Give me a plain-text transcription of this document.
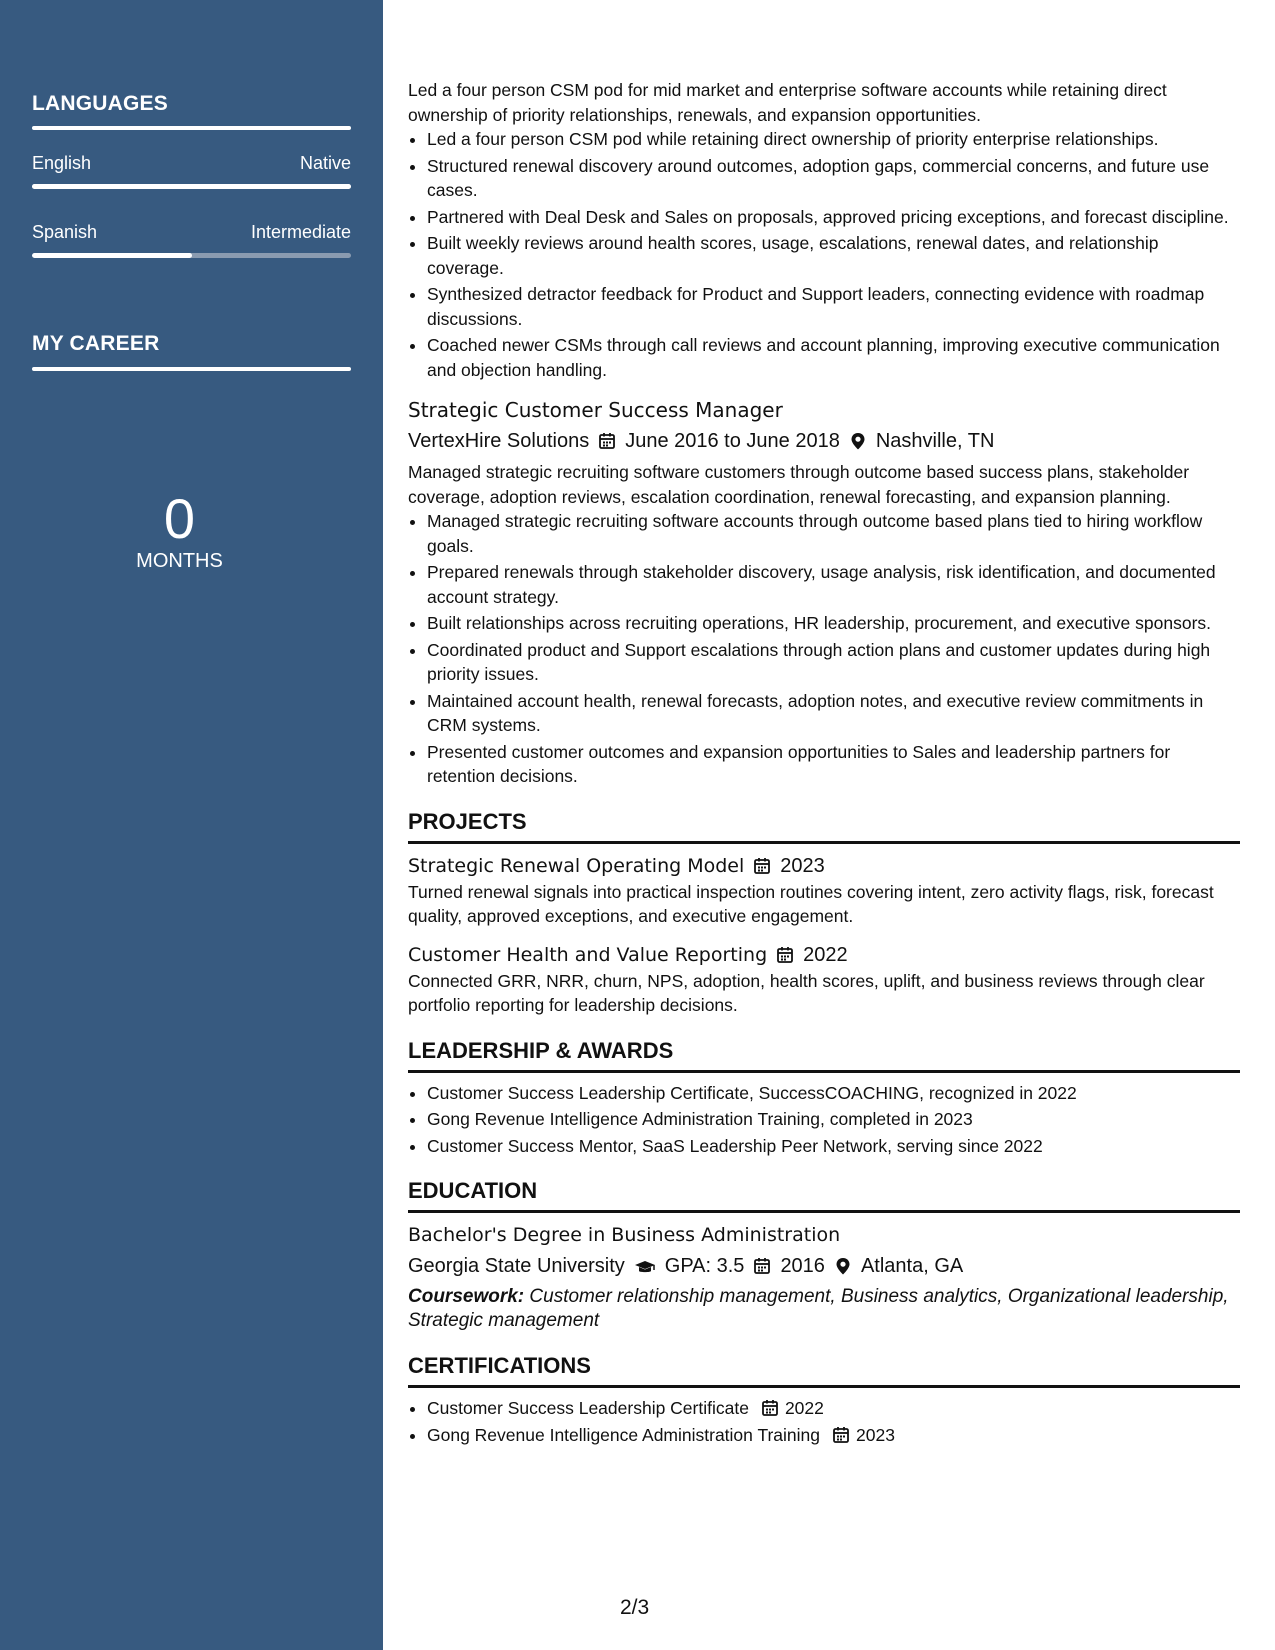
LANGUAGES
English	Native
Spanish	Intermediate
MY CAREER
0
MONTHS

Led a four person CSM pod for mid market and enterprise software accounts while retaining direct ownership of priority relationships, renewals, and expansion opportunities.

• Led a four person CSM pod while retaining direct ownership of priority enterprise relationships.
• Structured renewal discovery around outcomes, adoption gaps, commercial concerns, and future use cases.
• Partnered with Deal Desk and Sales on proposals, approved pricing exceptions, and forecast discipline.
• Built weekly reviews around health scores, usage, escalations, renewal dates, and relationship coverage.
• Synthesized detractor feedback for Product and Support leaders, connecting evidence with roadmap discussions.
• Coached newer CSMs through call reviews and account planning, improving executive communication and objection handling.
Strategic Customer Success Manager
VertexHire Solutions June 2016 to June 2018 Nashville, TN

Managed strategic recruiting software customers through outcome based success plans, stakeholder coverage, adoption reviews, escalation coordination, renewal forecasting, and expansion planning.

• Managed strategic recruiting software accounts through outcome based plans tied to hiring workflow goals.
• Prepared renewals through stakeholder discovery, usage analysis, risk identification, and documented account strategy.
• Built relationships across recruiting operations, HR leadership, procurement, and executive sponsors.
• Coordinated product and Support escalations through action plans and customer updates during high priority issues.
• Maintained account health, renewal forecasts, adoption notes, and executive review commitments in CRM systems.
• Presented customer outcomes and expansion opportunities to Sales and leadership partners for retention decisions.
PROJECTS
Strategic Renewal Operating Model 2023

Turned renewal signals into practical inspection routines covering intent, zero activity flags, risk, forecast quality, approved exceptions, and executive engagement.

Customer Health and Value Reporting 2022

Connected GRR, NRR, churn, NPS, adoption, health scores, uplift, and business reviews through clear portfolio reporting for leadership decisions.

LEADERSHIP & AWARDS
• Customer Success Leadership Certificate, SuccessCOACHING, recognized in 2022
• Gong Revenue Intelligence Administration Training, completed in 2023
• Customer Success Mentor, SaaS Leadership Peer Network, serving since 2022
EDUCATION
Bachelor's Degree in Business Administration
Georgia State University GPA: 3.5 2016 Atlanta, GA
Coursework: Customer relationship management, Business analytics, Organizational leadership, Strategic management
CERTIFICATIONS
• Customer Success Leadership Certificate 2022
• Gong Revenue Intelligence Administration Training 2023
2/3
